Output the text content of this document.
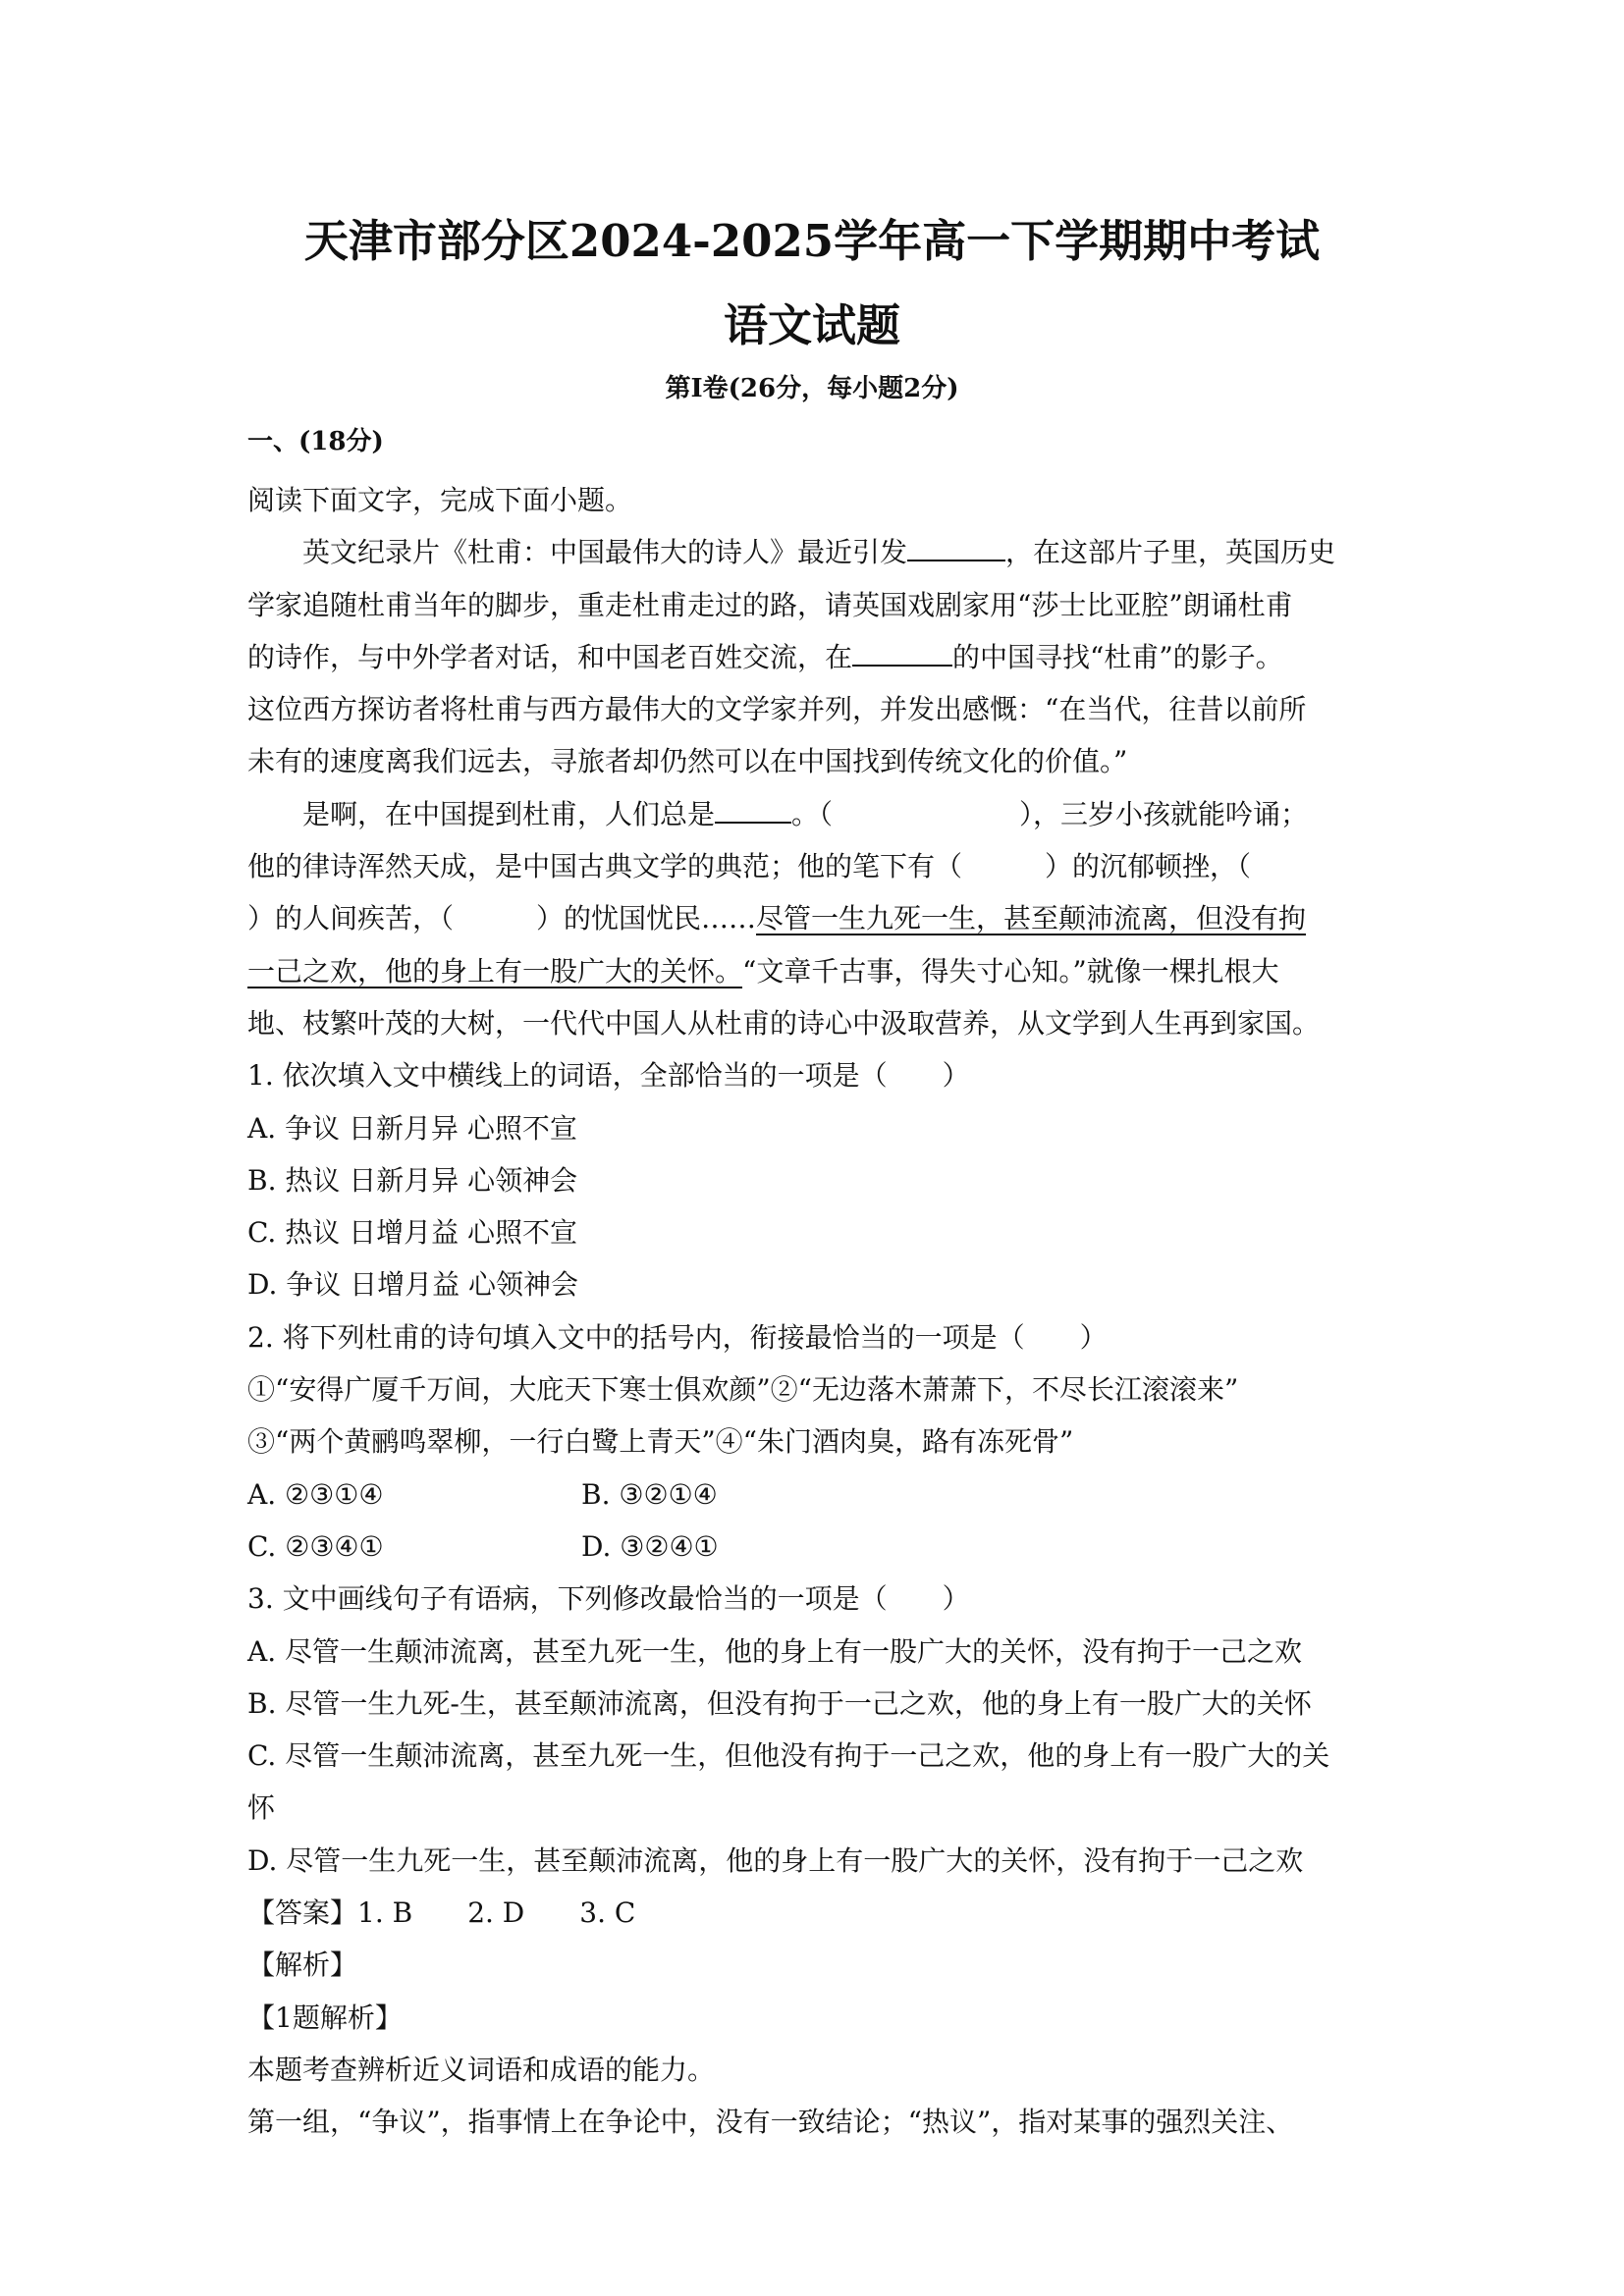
天津市部分区2024-2025学年高一下学期期中考试
语文试题
第Ⅰ卷(26分，每小题2分)
一、(18分)
阅读下面文字，完成下面小题。
英文纪录片《杜甫：中国最伟大的诗人》最近引发	，在这部片子里，英国历史
学家追随杜甫当年的脚步，重走杜甫走过的路，请英国戏剧家用“莎士比亚腔”朗诵杜甫
的诗作，与中外学者对话，和中国老百姓交流，在	的中国寻找“杜甫”的影子。
这位西方探访者将杜甫与西方最伟大的文学家并列，并发出感慨：“在当代，往昔以前所
未有的速度离我们远去，寻旅者却仍然可以在中国找到传统文化的价值。”
是啊，在中国提到杜甫，人们总是	。（	），三岁小孩就能吟诵；
他的律诗浑然天成，是中国古典文学的典范；他的笔下有（	）的沉郁顿挫，（
）的人间疾苦，（	）的忧国忧民……尽管一生九死一生，甚至颠沛流离，但没有拘
一己之欢，他的身上有一股广大的关怀。“文章千古事，得失寸心知。”就像一棵扎根大
地、枝繁叶茂的大树，一代代中国人从杜甫的诗心中汲取营养，从文学到人生再到家国。
1. 依次填入文中横线上的词语，全部恰当的一项是（　　）
A. 争议 日新月异 心照不宣
B. 热议 日新月异 心领神会
C. 热议 日增月益 心照不宣
D. 争议 日增月益 心领神会
2. 将下列杜甫的诗句填入文中的括号内，衔接最恰当的一项是（　　）
①“安得广厦千万间，大庇天下寒士俱欢颜”②“无边落木萧萧下，不尽长江滚滚来”
③“两个黄鹂鸣翠柳，一行白鹭上青天”④“朱门酒肉臭，路有冻死骨”
A. ②③①④	B. ③②①④
C. ②③④①	D. ③②④①
3. 文中画线句子有语病，下列修改最恰当的一项是（　　）
A. 尽管一生颠沛流离，甚至九死一生，他的身上有一股广大的关怀，没有拘于一己之欢
B. 尽管一生九死-生，甚至颠沛流离，但没有拘于一己之欢，他的身上有一股广大的关怀
C. 尽管一生颠沛流离，甚至九死一生，但他没有拘于一己之欢，他的身上有一股广大的关
怀
D. 尽管一生九死一生，甚至颠沛流离，他的身上有一股广大的关怀，没有拘于一己之欢
【答案】1. B　　2. D　　3. C
【解析】
【1题解析】
本题考查辨析近义词语和成语的能力。
第一组，“争议”，指事情上在争论中，没有一致结论；“热议”，指对某事的强烈关注、
